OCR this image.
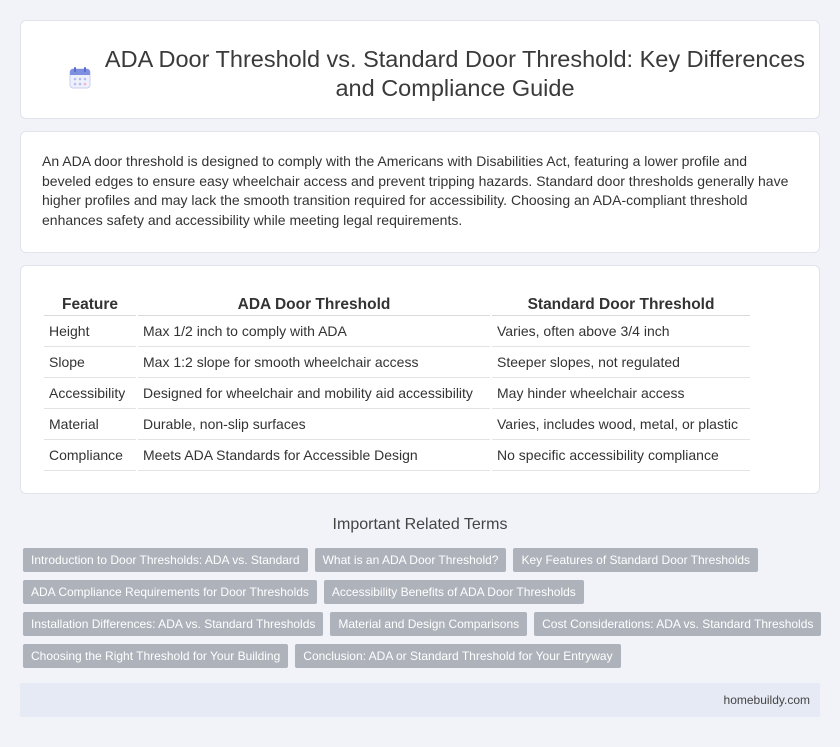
ADA Door Threshold vs. Standard Door Threshold: Key Differences and Compliance Guide

An ADA door threshold is designed to comply with the Americans with Disabilities Act, featuring a lower profile and beveled edges to ensure easy wheelchair access and prevent tripping hazards. Standard door thresholds generally have higher profiles and may lack the smooth transition required for accessibility. Choosing an ADA-compliant threshold enhances safety and accessibility while meeting legal requirements.

Feature	ADA Door Threshold	Standard Door Threshold
Height	Max 1/2 inch to comply with ADA	Varies, often above 3/4 inch
Slope	Max 1:2 slope for smooth wheelchair access	Steeper slopes, not regulated
Accessibility	Designed for wheelchair and mobility aid accessibility	May hinder wheelchair access
Material	Durable, non-slip surfaces	Varies, includes wood, metal, or plastic
Compliance	Meets ADA Standards for Accessible Design	No specific accessibility compliance
Important Related Terms
Introduction to Door Thresholds: ADA vs. Standard	What is an ADA Door Threshold?	Key Features of Standard Door Thresholds
ADA Compliance Requirements for Door Thresholds	Accessibility Benefits of ADA Door Thresholds
Installation Differences: ADA vs. Standard Thresholds	Material and Design Comparisons	Cost Considerations: ADA vs. Standard Thresholds
Choosing the Right Threshold for Your Building	Conclusion: ADA or Standard Threshold for Your Entryway
homebuildy.com
